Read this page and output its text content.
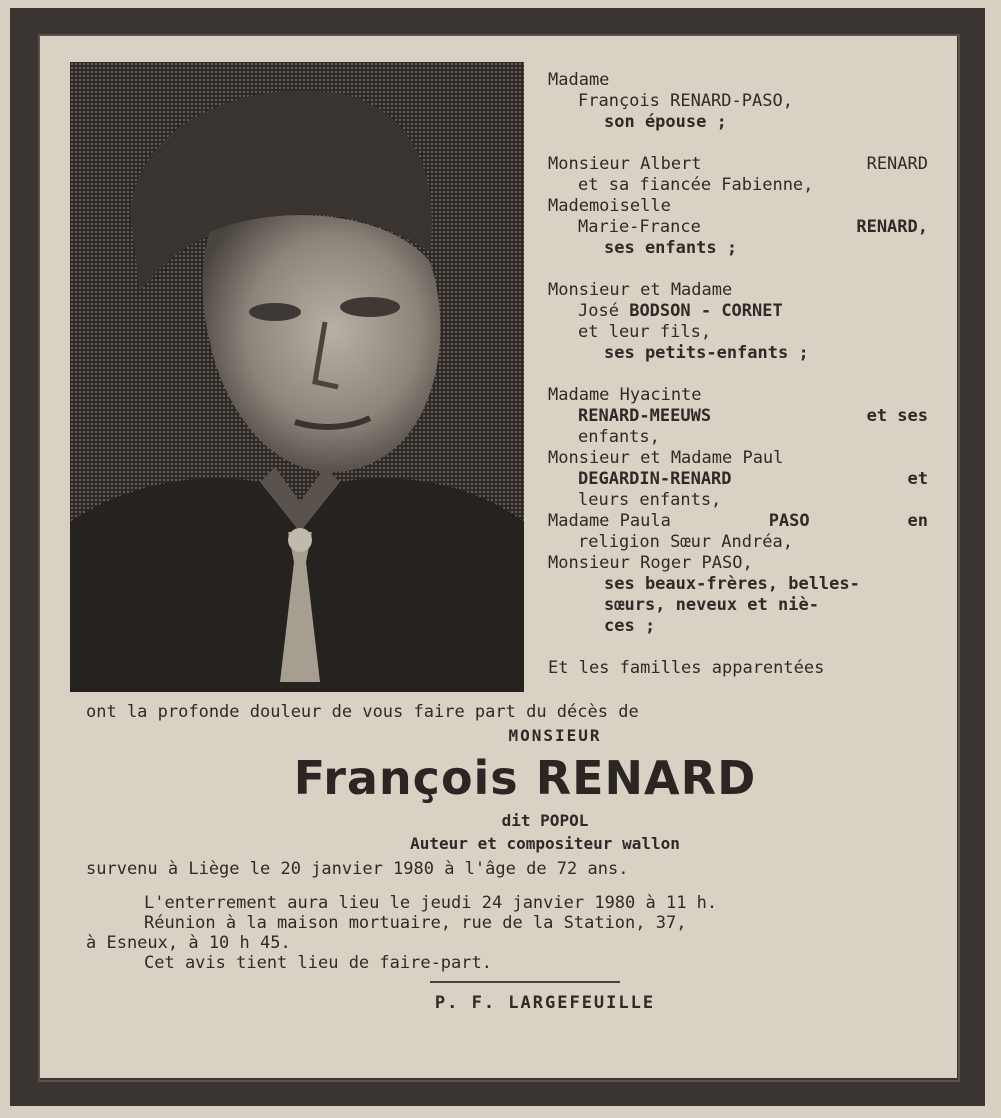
Madame
François RENARD-PASO,
son épouse ;
Monsieur Albert	RENARD
et sa fiancée Fabienne,
Mademoiselle
Marie-France	RENARD,
ses enfants ;
Monsieur et Madame
José BODSON - CORNET
et leur fils,
ses petits-enfants ;
Madame Hyacinte
RENARD-MEEUWS	et ses
enfants,
Monsieur et Madame Paul
DEGARDIN-RENARD	et
leurs enfants,
Madame Paula	PASO	en
religion Sœur Andréa,
Monsieur Roger PASO,
ses beaux-frères, belles-
sœurs, neveux et niè-
ces ;
Et les familles apparentées
ont la profonde douleur de vous faire part du décès de
MONSIEUR
François RENARD
dit POPOL
Auteur et compositeur wallon
survenu à Liège le 20 janvier 1980 à l'âge de 72 ans.
L'enterrement aura lieu le jeudi 24 janvier 1980 à 11 h.
Réunion à la maison mortuaire, rue de la Station, 37,
à Esneux, à 10 h 45.
Cet avis tient lieu de faire-part.
P. F. LARGEFEUILLE
